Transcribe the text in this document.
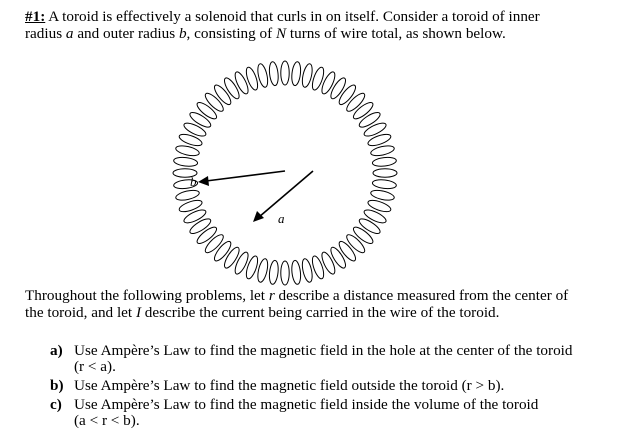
#1: A toroid is effectively a solenoid that curls in on itself. Consider a toroid of inner
radius a and outer radius b, consisting of N turns of wire total, as shown below.
b
a
Throughout the following problems, let r describe a distance measured from the center of
the toroid, and let I describe the current being carried in the wire of the toroid.
a) Use Ampère’s Law to find the magnetic field in the hole at the center of the toroid
(r < a).
b) Use Ampère’s Law to find the magnetic field outside the toroid (r > b).
c) Use Ampère’s Law to find the magnetic field inside the volume of the toroid
(a < r < b).
